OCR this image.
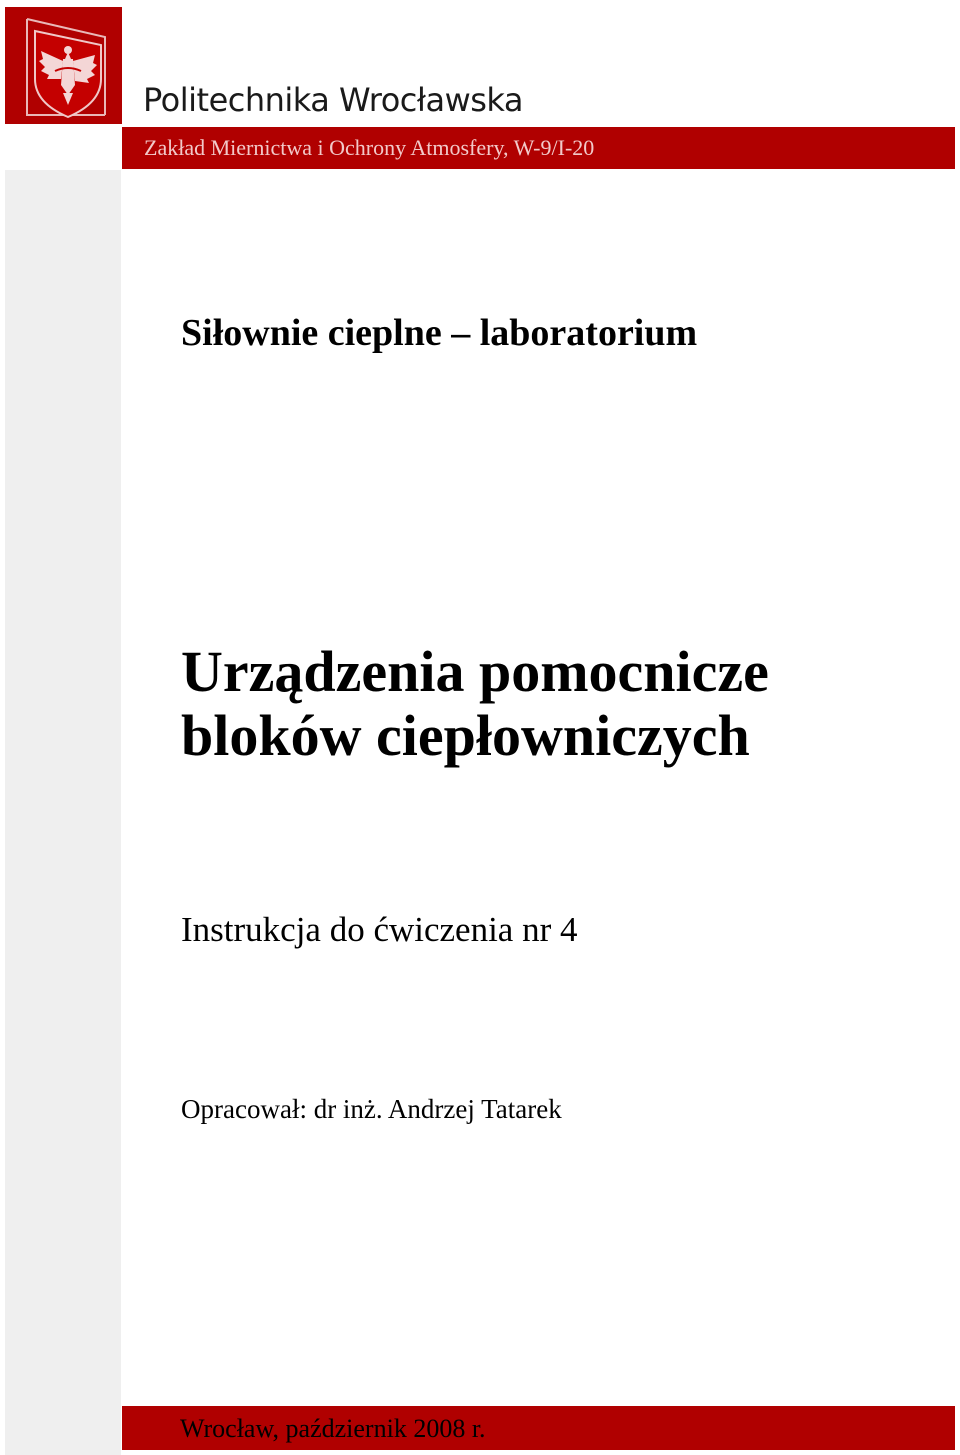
Politechnika Wrocławska
Zakład Miernictwa i Ochrony Atmosfery, W-9/I-20
Siłownie cieplne – laboratorium
Urządzenia pomocnicze
bloków ciepłowniczych
Instrukcja do ćwiczenia nr 4
Opracował: dr inż. Andrzej Tatarek
Wrocław, październik 2008 r.
